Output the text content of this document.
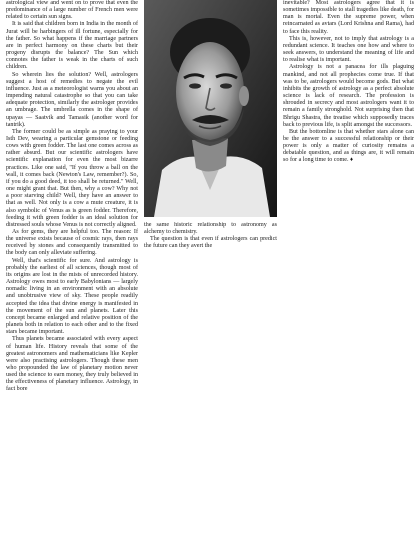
astrological view and went on to prove that even the predominance of a large number of French men were related to certain sun signs.

It is said that children born in India in the month of Jurat will be harbingers of ill fortune, especially for the father. So what happens if the marriage partners are in perfect harmony on these charts but their progeny disrupts the balance? The Sun which connotes the father is weak in the charts of such children.

So wherein lies the solution? Well, astrologers suggest a host of remedies to negate the evil influence. Just as a meteorologist warns you about an impending natural catastrophe so that you can take adequate protection, similarly the astrologer provides an umbrage. The umbrella comes in the shape of upayas — Saatvik and Tamasik (another word for tantrik).

The former could be as simple as praying to your Isth Dev, wearing a particular gemstone or feeding cows with green fodder. The last one comes across as rather absurd. But our scientific astrologers have scientific explanation for even the most bizarre practices. Like one said, "If you throw a ball on the wall, it comes back (Newton's Law, remember?). So, if you do a good deed, it too shall be returned." Well, one might grant that. But then, why a cow? Why not a poor starving child? Well, they have an answer to that as well. Not only is a cow a mute creature, it is also symbolic of Venus as is green fodder. Therefore, feeding it with green fodder is an ideal solution for distressed souls whose Venus is not correctly aligned.

As for gems, they are helpful too. The reason: If the universe exists because of cosmic rays, then rays received by stones and consequently transmitted to the body can only alleviate suffering.

Well, that's scientific for sure. And astrology is probably the earliest of all sciences, though most of its origins are lost in the mists of unrecorded history. Astrology owes most to early Babylonians — largely nomadic living in an environment with an absolute and unobtrusive view of sky. These people readily accepted the idea that divine energy is manifested in the movement of the sun and planets. Later this concept became enlarged and relative position of the planets both in relation to each other and to the fixed stars became important.

Thus planets became associated with every aspect of human life. History reveals that some of the greatest astronomers and mathematicians like Kepler were also practising astrologers. Though these men who propounded the law of planetary motion never used the science to earn money, they truly believed in the effectiveness of planetary influence. Astrology, in fact bore

the same historic relationship to astronomy as alchemy to chemistry.

The question is that even if astrologers can predict the future can they avert the

inevitable? Most astrologers agree that it is sometimes impossible to stall tragedies like death, for man is mortal. Even the supreme power, when reincarnated as avtars (Lord Krishna and Rama), had to face this reality.

This is, however, not to imply that astrology is a redundant science. It teaches one how and where to seek answers, to understand the meaning of life and to realise what is important.

Astrology is not a panacea for ills plaguing mankind, and not all prophecies come true. If that was to be, astrologers would become gods. But what inhibits the growth of astrology as a perfect absolute science is lack of research. The profession is shrouded in secrecy and most astrologers want it to remain a family stronghold. Not surprising then that Bhrigu Shastra, the treatise which supposedly traces back to previous life, is split amongst the successors.

But the bottomline is that whether stars alone can be the answer to a successful relationship or their power is only a matter of curiosity remains a debatable question, and as things are, it will remain so for a long time to come. ♦
